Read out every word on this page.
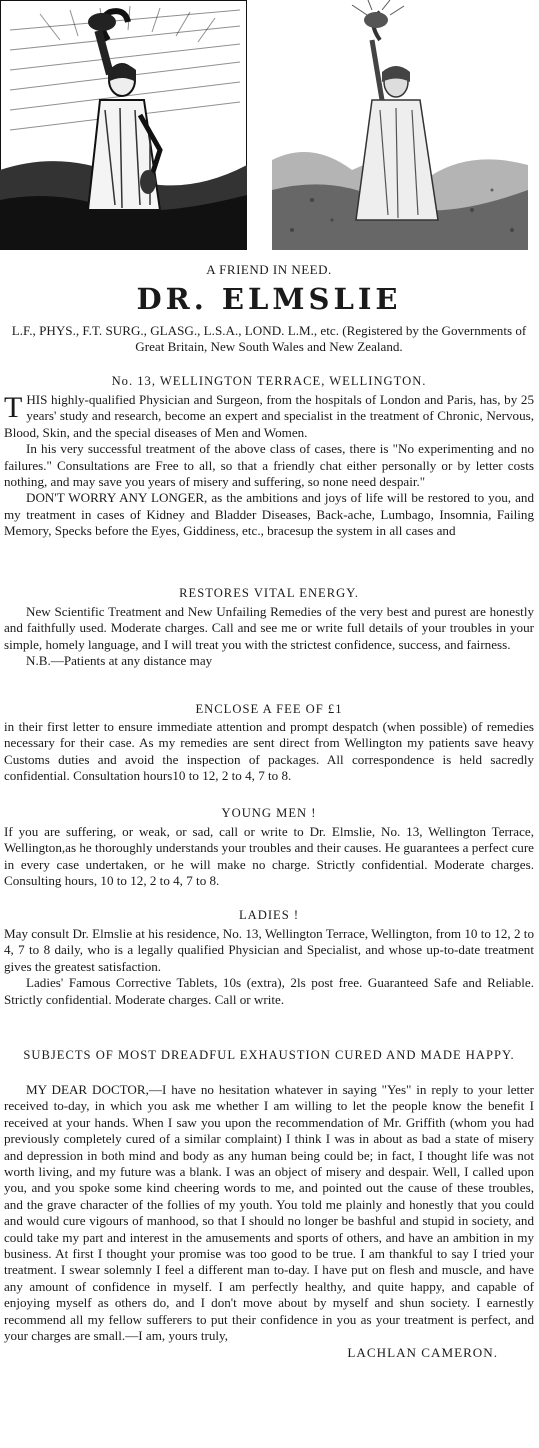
A FRIEND IN NEED.

DR. ELMSLIE

L.F., PHYS., F.T. SURG., GLASG., L.S.A., LOND. L.M., etc. (Registered by the Governments of Great Britain, New South Wales and New Zealand.

No. 13, WELLINGTON TERRACE, WELLINGTON.

THIS highly-qualified Physician and Surgeon, from the hospitals of London and Paris, has, by 25 years' study and research, become an expert and specialist in the treatment of Chronic, Nervous, Blood, Skin, and the special diseases of Men and Women.

In his very successful treatment of the above class of cases, there is "No experimenting and no failures." Consultations are Free to all, so that a friendly chat either personally or by letter costs nothing, and may save you years of misery and suffering, so none need despair."

DON'T WORRY ANY LONGER, as the ambitions and joys of life will be restored to you, and my treatment in cases of Kidney and Bladder Diseases, Back-ache, Lumbago, Insomnia, Failing Memory, Specks before the Eyes, Giddiness, etc., bracesup the system in all cases and

RESTORES VITAL ENERGY.

New Scientific Treatment and New Unfailing Remedies of the very best and purest are honestly and faithfully used. Moderate charges. Call and see me or write full details of your troubles in your simple, homely language, and I will treat you with the strictest confidence, success, and fairness.

N.B.—Patients at any distance may

ENCLOSE A FEE OF £1

in their first letter to ensure immediate attention and prompt despatch (when possible) of remedies necessary for their case. As my remedies are sent direct from Wellington my patients save heavy Customs duties and avoid the inspection of packages. All correspondence is held sacredly confidential. Consultation hours10 to 12, 2 to 4, 7 to 8.

YOUNG MEN !

If you are suffering, or weak, or sad, call or write to Dr. Elmslie, No. 13, Wellington Terrace, Wellington,as he thoroughly understands your troubles and their causes. He guarantees a perfect cure in every case undertaken, or he will make no charge. Strictly confidential. Moderate charges. Consulting hours, 10 to 12, 2 to 4, 7 to 8.

LADIES !

May consult Dr. Elmslie at his residence, No. 13, Wellington Terrace, Wellington, from 10 to 12, 2 to 4, 7 to 8 daily, who is a legally qualified Physician and Specialist, and whose up-to-date treatment gives the greatest satisfaction.

Ladies' Famous Corrective Tablets, 10s (extra), 2ls post free. Guaranteed Safe and Reliable. Strictly confidential. Moderate charges. Call or write.

SUBJECTS OF MOST DREADFUL EXHAUSTION CURED AND MADE HAPPY.

MY DEAR DOCTOR,—I have no hesitation whatever in saying "Yes" in reply to your letter received to-day, in which you ask me whether I am willing to let the people know the benefit I received at your hands. When I saw you upon the recommendation of Mr. Griffith (whom you had previously completely cured of a similar complaint) I think I was in about as bad a state of misery and depression in both mind and body as any human being could be; in fact, I thought life was not worth living, and my future was a blank. I was an object of misery and despair. Well, I called upon you, and you spoke some kind cheering words to me, and pointed out the cause of these troubles, and the grave character of the follies of my youth. You told me plainly and honestly that you could and would cure vigours of manhood, so that I should no longer be bashful and stupid in society, and could take my part and interest in the amusements and sports of others, and have an ambition in my business. At first I thought your promise was too good to be true. I am thankful to say I tried your treatment. I swear solemnly I feel a different man to-day. I have put on flesh and muscle, and have any amount of confidence in myself. I am perfectly healthy, and quite happy, and capable of enjoying myself as others do, and I don't move about by myself and shun society. I earnestly recommend all my fellow sufferers to put their confidence in you as your treatment is perfect, and your charges are small.—I am, yours truly,

LACHLAN CAMERON.
